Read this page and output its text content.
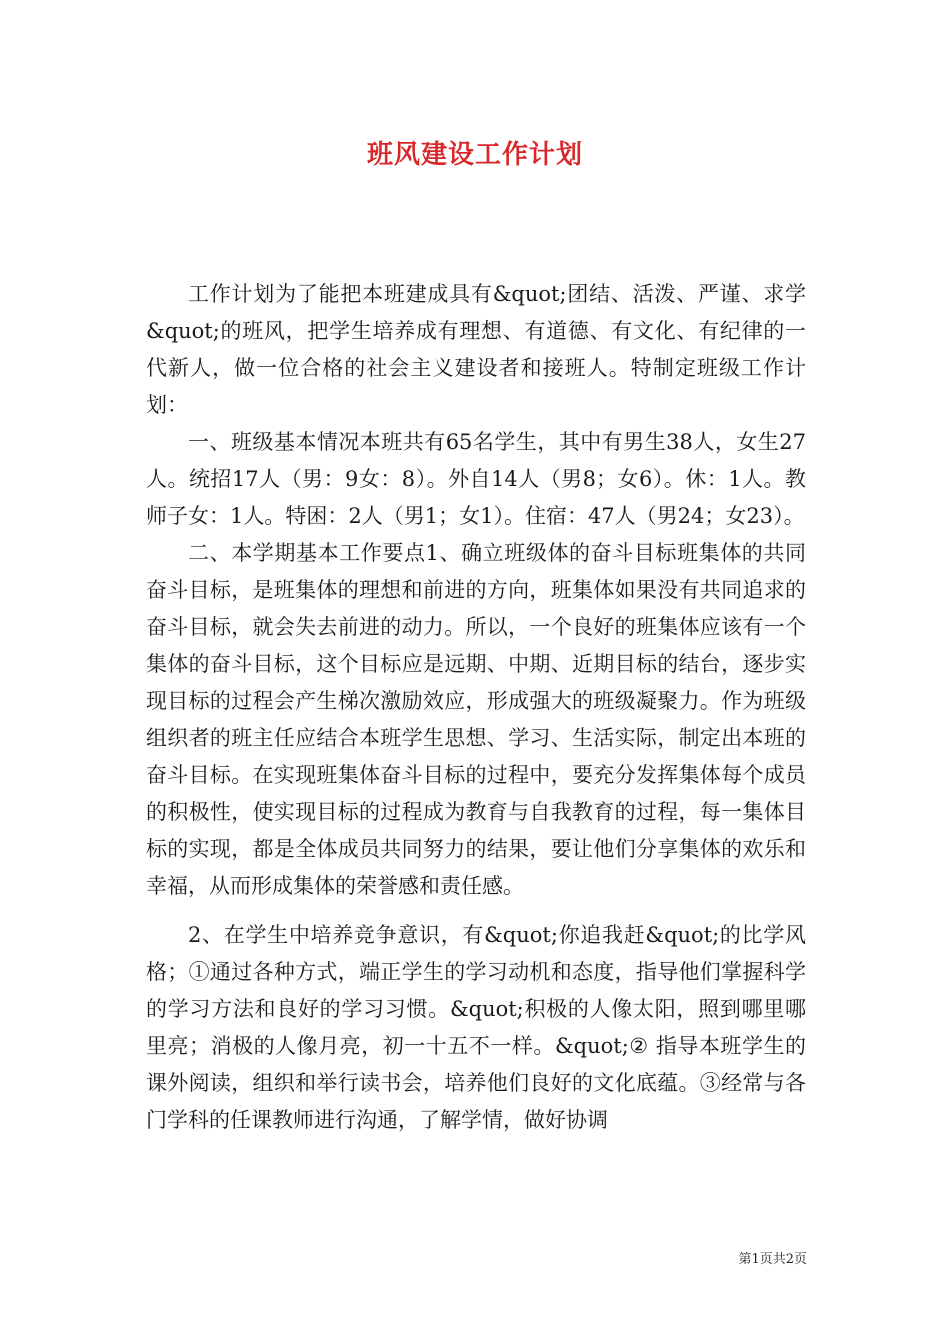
班风建设工作计划

工作计划为了能把本班建成具有&quot;团结、活泼、严谨、求学&quot;的班风，把学生培养成有理想、有道德、有文化、有纪律的一代新人，做一位合格的社会主义建设者和接班人。特制定班级工作计划：

一、班级基本情况本班共有65名学生，其中有男生38人，女生27人。统招17人（男：9女：8）。外自14人（男8；女6）。休：1人。教师子女：1人。特困：2人（男1；女1）。住宿：47人（男24；女23）。

二、本学期基本工作要点1、确立班级体的奋斗目标班集体的共同奋斗目标，是班集体的理想和前进的方向，班集体如果没有共同追求的奋斗目标，就会失去前进的动力。所以，一个良好的班集体应该有一个集体的奋斗目标，这个目标应是远期、中期、近期目标的结台，逐步实现目标的过程会产生梯次激励效应，形成强大的班级凝聚力。作为班级组织者的班主任应结合本班学生思想、学习、生活实际，制定出本班的奋斗目标。在实现班集体奋斗目标的过程中，要充分发挥集体每个成员的积极性，使实现目标的过程成为教育与自我教育的过程，每一集体目标的实现，都是全体成员共同努力的结果，要让他们分享集体的欢乐和幸福，从而形成集体的荣誉感和责任感。

2、在学生中培养竞争意识，有&quot;你追我赶&quot;的比学风格；①通过各种方式，端正学生的学习动机和态度，指导他们掌握科学的学习方法和良好的学习习惯。&quot;积极的人像太阳，照到哪里哪里亮；消极的人像月亮，初一十五不一样。&quot;② 指导本班学生的课外阅读，组织和举行读书会，培养他们良好的文化底蕴。③经常与各门学科的任课教师进行沟通，了解学情，做好协调

第1页共2页
